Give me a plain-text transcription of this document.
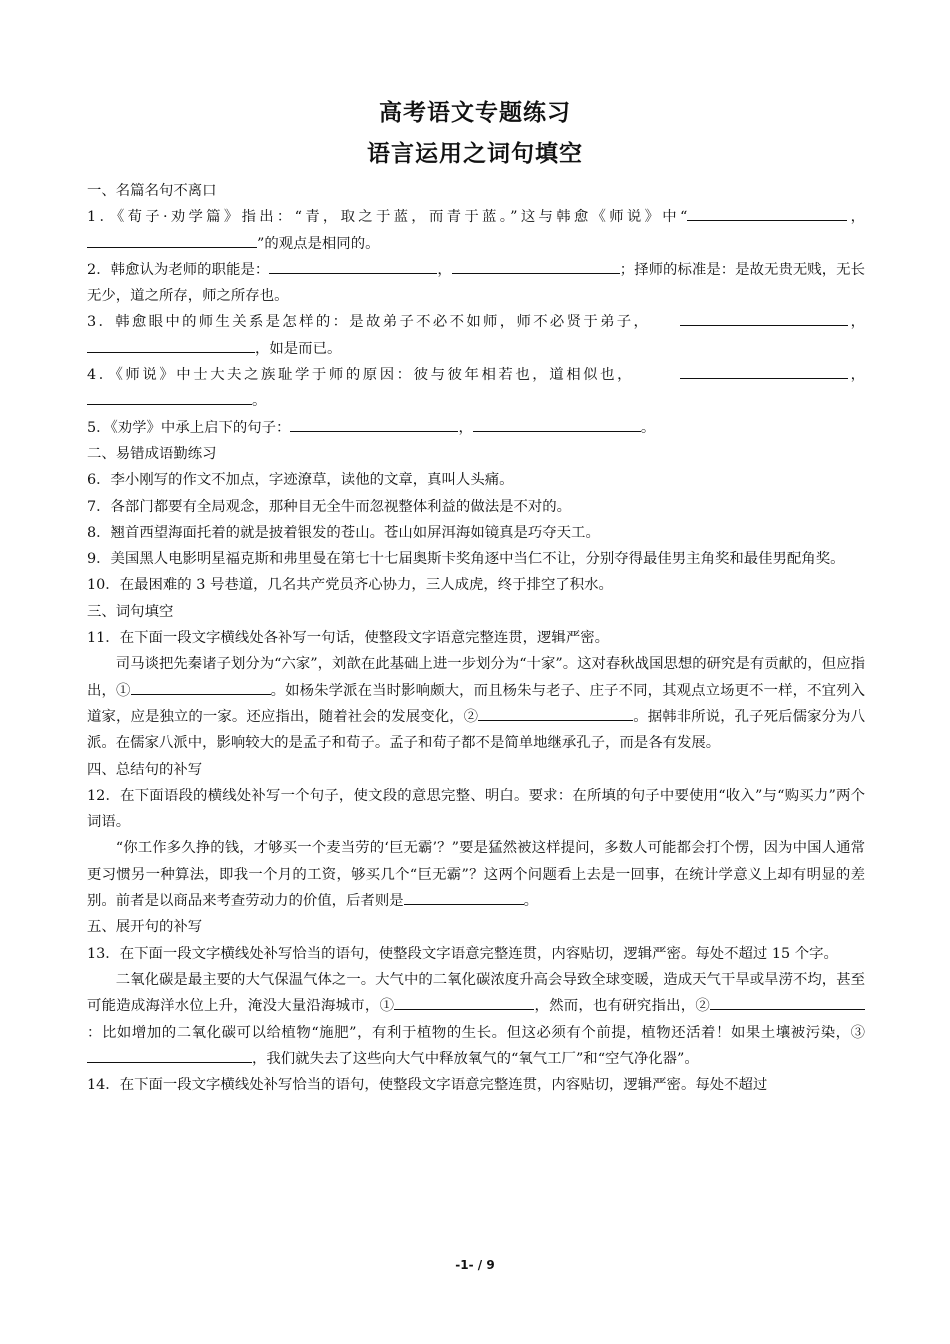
高考语文专题练习
语言运用之词句填空

一、名篇名句不离口

1．《荀子·劝学篇》指出：“青，取之于蓝，而青于蓝。”这与韩愈《师说》中“	，”的观点是相同的。

2．韩愈认为老师的职能是：	，	；择师的标准是：是故无贵无贱，无长无少，道之所存，师之所存也。

3．韩愈眼中的师生关系是怎样的：是故弟子不必不如师，师不必贤于弟子，	，，如是而已。

4．《师说》中士大夫之族耻学于师的原因：彼与彼年相若也，道相似也，	，。

5．《劝学》中承上启下的句子：	，	。

二、易错成语勤练习

6．李小刚写的作文不加点，字迹潦草，读他的文章，真叫人头痛。

7．各部门都要有全局观念，那种目无全牛而忽视整体利益的做法是不对的。

8．翘首西望海面托着的就是披着银发的苍山。苍山如屏洱海如镜真是巧夺天工。

9．美国黑人电影明星福克斯和弗里曼在第七十七届奥斯卡奖角逐中当仁不让，分别夺得最佳男主角奖和最佳男配角奖。

10．在最困难的 3 号巷道，几名共产党员齐心协力，三人成虎，终于排空了积水。

三、词句填空

11．在下面一段文字横线处各补写一句话，使整段文字语意完整连贯，逻辑严密。

司马谈把先秦诸子划分为“六家”，刘歆在此基础上进一步划分为“十家”。这对春秋战国思想的研究是有贡献的，但应指出，①	。如杨朱学派在当时影响颇大，而且杨朱与老子、庄子不同，其观点立场更不一样，不宜列入道家，应是独立的一家。还应指出，随着社会的发展变化，②	。据韩非所说，孔子死后儒家分为八派。在儒家八派中，影响较大的是孟子和荀子。孟子和荀子都不是简单地继承孔子，而是各有发展。

四、总结句的补写

12．在下面语段的横线处补写一个句子，使文段的意思完整、明白。要求：在所填的句子中要使用“收入”与“购买力”两个词语。

“你工作多久挣的钱，才够买一个麦当劳的‘巨无霸’？”要是猛然被这样提问，多数人可能都会打个愣，因为中国人通常更习惯另一种算法，即我一个月的工资，够买几个“巨无霸”？这两个问题看上去是一回事，在统计学意义上却有明显的差别。前者是以商品来考查劳动力的价值，后者则是	。

五、展开句的补写

13．在下面一段文字横线处补写恰当的语句，使整段文字语意完整连贯，内容贴切，逻辑严密。每处不超过 15 个字。

二氧化碳是最主要的大气保温气体之一。大气中的二氧化碳浓度升高会导致全球变暖，造成天气干旱或旱涝不均，甚至可能造成海洋水位上升，淹没大量沿海城市，①	，然而，也有研究指出，②：比如增加的二氧化碳可以给植物“施肥”，有利于植物的生长。但这必须有个前提，植物还活着！如果土壤被污染，③，我们就失去了这些向大气中释放氧气的“氧气工厂”和“空气净化器”。

14．在下面一段文字横线处补写恰当的语句，使整段文字语意完整连贯，内容贴切，逻辑严密。每处不超过

-1- / 9
